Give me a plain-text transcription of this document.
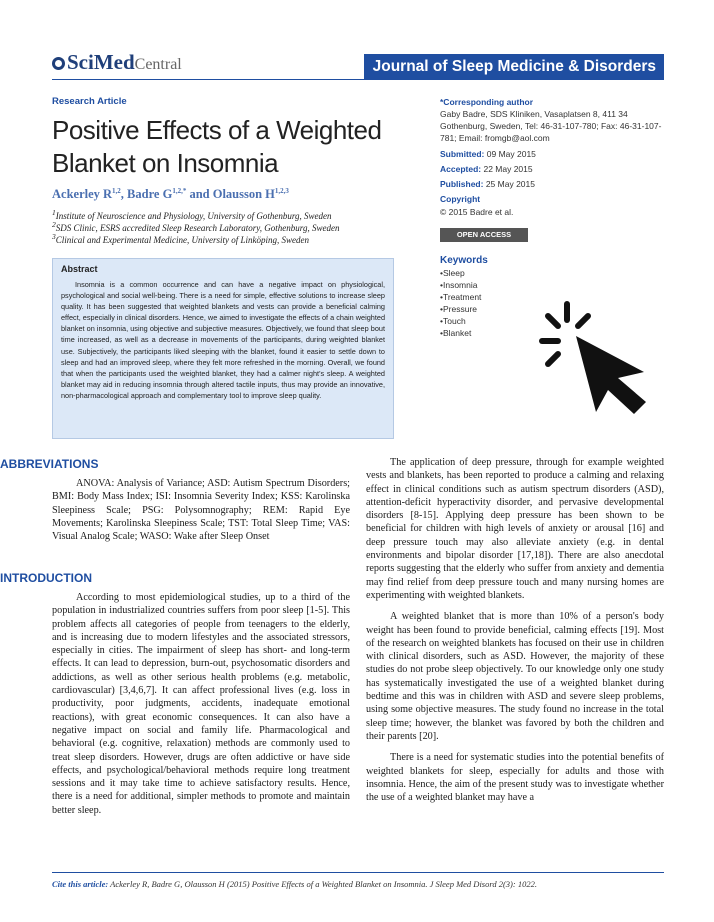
SciMedCentral	Journal of Sleep Medicine & Disorders
Research Article
Positive Effects of a Weighted Blanket on Insomnia
Ackerley R$^{1,2}$, Badre $G^{1,2,*}$ and Olausson H$^{1,2,3}$
$^1$Institute of Neuroscience and Physiology, University of Gothenburg, Sweden
$^2$SDS Clinic, ESRS accredited Sleep Research Laboratory, Gothenburg, Sweden
$^3$Clinical and Experimental Medicine, University of Linköping, Sweden
*Corresponding author
Gaby Badre, SDS Kliniken, Vasaplatsen 8, 411 34 Gothenburg, Sweden, Tel: 46-31-107-780; Fax: 46-31-107-781; Email: fromgb@aol.com
Submitted: 09 May 2015
Accepted: 22 May 2015
Published: 25 May 2015
Copyright
© 2015 Badre et al.
OPEN ACCESS
Keywords
• Sleep
• Insomnia
• Treatment
• Pressure
• Touch
• Blanket
Abstract
Insomnia is a common occurrence and can have a negative impact on physiological, psychological and social well-being. There is a need for simple, effective solutions to increase sleep quality. It has been suggested that weighted blankets and vests can provide a beneficial calming effect, especially in clinical disorders. Hence, we aimed to investigate the effects of a chain weighted blanket on insomnia, using objective and subjective measures. Objectively, we found that sleep bout time increased, as well as a decrease in movements of the participants, during weighted blanket use. Subjectively, the participants liked sleeping with the blanket, found it easier to settle down to sleep and had an improved sleep, where they felt more refreshed in the morning. Overall, we found that when the participants used the weighted blanket, they had a calmer night's sleep. A weighted blanket may aid in reducing insomnia through altered tactile inputs, thus may provide an innovative, non-pharmacological approach and complementary tool to improve sleep quality.
ABBREVIATIONS

ANOVA: Analysis of Variance; ASD: Autism Spectrum Disorders; BMI: Body Mass Index; ISI: Insomnia Severity Index; KSS: Karolinska Sleepiness Scale; PSG: Polysomnography; REM: Rapid Eye Movements; Karolinska Sleepiness Scale; TST: Total Sleep Time; VAS: Visual Analog Scale; WASO: Wake after Sleep Onset

INTRODUCTION

According to most epidemiological studies, up to a third of the population in industrialized countries suffers from poor sleep [1-5]. This problem affects all categories of people from teenagers to the elderly, and is increasing due to modern lifestyles and the associated stressors, especially in cities. The impairment of sleep has short- and long-term effects. It can lead to depression, burn-out, psychosomatic disorders and addictions, as well as other serious health problems (e.g. metabolic, cardiovascular) [3,4,6,7]. It can affect professional lives (e.g. loss in productivity, poor judgments, accidents, inadequate emotional reactions), with great economic consequences. It can also have a negative impact on social and family life. Pharmacological and behavioral (e.g. cognitive, relaxation) methods are commonly used to treat sleep disorders. However, drugs are often addictive or have side effects, and psychological/behavioral methods require long treatment sessions and it may take time to achieve satisfactory results. Hence, there is a need for additional, simpler methods to promote and maintain better sleep.

The application of deep pressure, through for example weighted vests and blankets, has been reported to produce a calming and relaxing effect in clinical conditions such as autism spectrum disorders (ASD), attention-deficit hyperactivity disorder, and pervasive developmental disorders [8-15]. Applying deep pressure has been shown to be beneficial for children with high levels of anxiety or arousal [16] and deep pressure touch may also alleviate anxiety (e.g. in dental environments and bipolar disorder [17,18]). There are also anecdotal reports suggesting that the elderly who suffer from anxiety and dementia may find relief from deep pressure touch and many nursing homes are experimenting with weighted blankets.

A weighted blanket that is more than 10% of a person's body weight has been found to provide beneficial, calming effects [19]. Most of the research on weighted blankets has focused on their use in children with clinical disorders, such as ASD. However, the majority of these studies do not probe sleep objectively. To our knowledge only one study has systematically investigated the use of a weighted blanket during bedtime and this was in children with ASD and severe sleep problems, using some objective measures. The study found no increase in the total sleep time; however, the blanket was favored by both the children and their parents [20].

There is a need for systematic studies into the potential benefits of weighted blankets for sleep, especially for adults and those with insomnia. Hence, the aim of the present study was to investigate whether the use of a weighted blanket may have a

Cite this article: Ackerley R, Badre G, Olausson H (2015) Positive Effects of a Weighted Blanket on Insomnia. J Sleep Med Disord 2(3): 1022.
